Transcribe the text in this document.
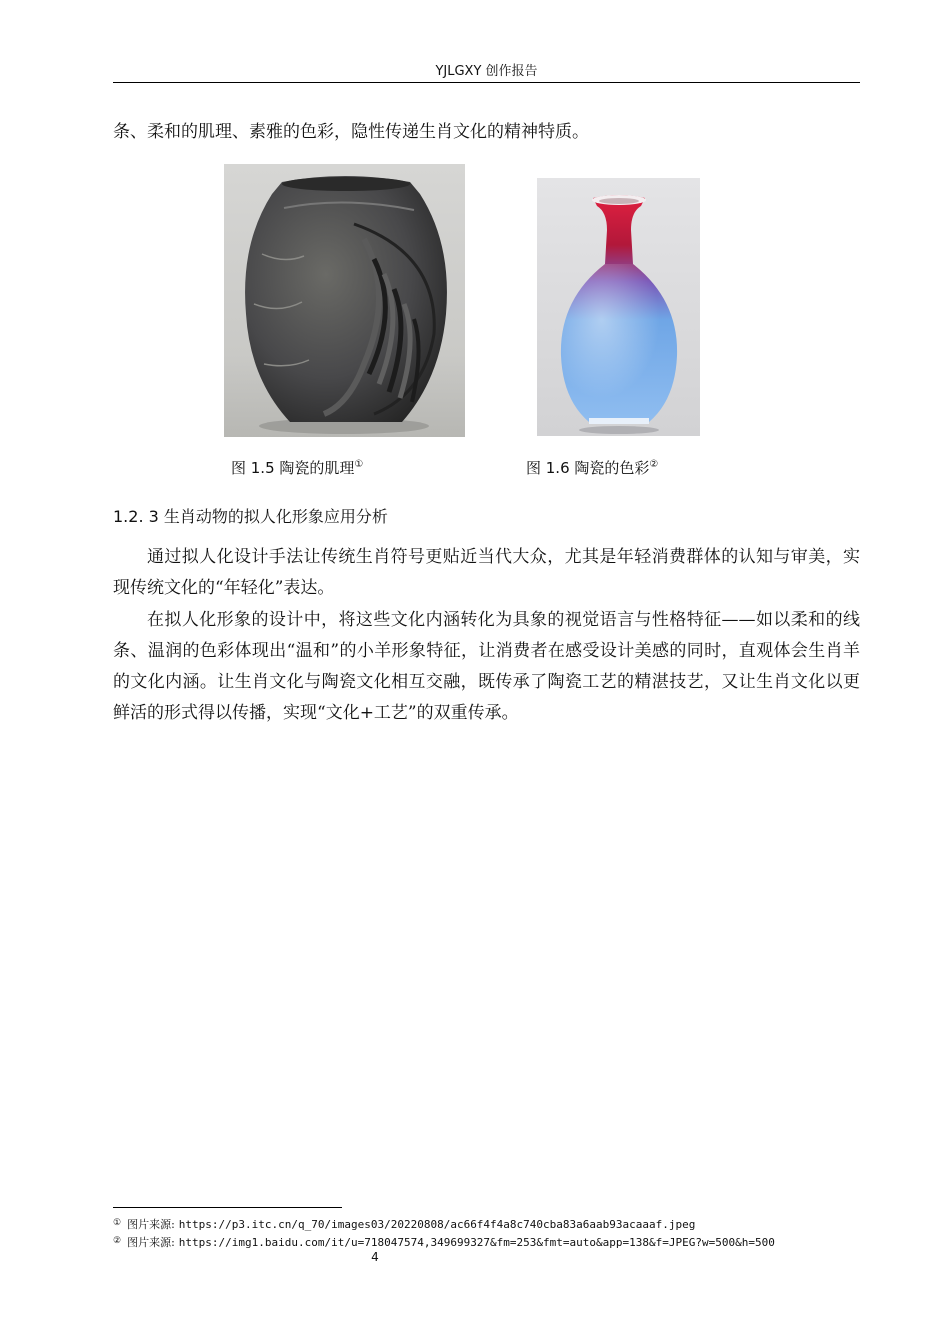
YJLGXY 创作报告

条、柔和的肌理、素雅的色彩，隐性传递生肖文化的精神特质。

图 1.5 陶瓷的肌理①	图 1.6 陶瓷的色彩②

1.2. 3 生肖动物的拟人化形象应用分析

通过拟人化设计手法让传统生肖符号更贴近当代大众，尤其是年轻消费群体的认知与审美，实现传统文化的“年轻化”表达。

在拟人化形象的设计中，将这些文化内涵转化为具象的视觉语言与性格特征——如以柔和的线条、温润的色彩体现出“温和”的小羊形象特征，让消费者在感受设计美感的同时，直观体会生肖羊的文化内涵。让生肖文化与陶瓷文化相互交融，既传承了陶瓷工艺的精湛技艺，又让生肖文化以更鲜活的形式得以传播，实现“文化+工艺”的双重传承。

① 图片来源: https://p3.itc.cn/q_70/images03/20220808/ac66f4f4a8c740cba83a6aab93acaaaf.jpeg
② 图片来源: https://img1.baidu.com/it/u=718047574,349699327&fm=253&fmt=auto&app=138&f=JPEG?w=500&h=500
4
